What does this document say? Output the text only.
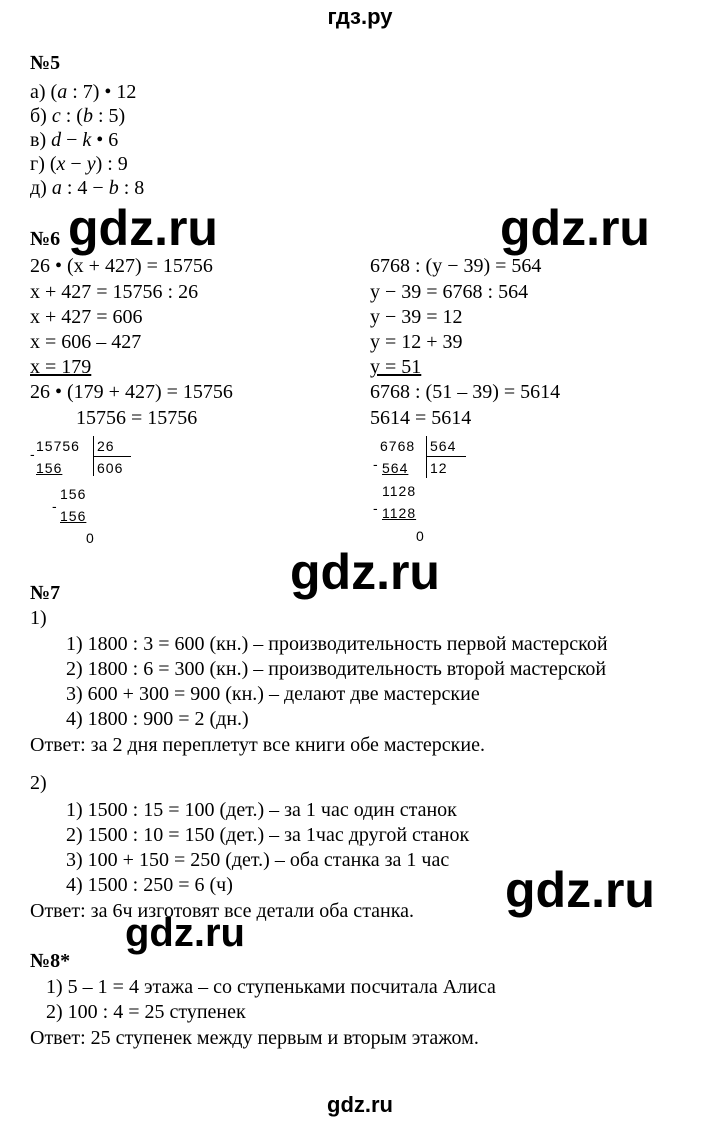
гдз.ру
gdz.ru	gdz.ru
gdz.ru
gdz.ru
gdz.ru
№5
а) (a : 7) • 12
б) c : (b : 5)
в) d − k • 6
г) (x − y) : 9
д) a : 4 − b : 8
№6
26 • (x + 427) = 15756
x + 427 = 15756 : 26
x + 427 = 606
x = 606 – 427
x = 179
26 • (179 + 427) = 15756
15756 = 15756
- 15756 26
156 606
-
156
156
0
6768 : (y − 39) = 564
y − 39 = 6768 : 564
y − 39 = 12
y = 12 + 39
y = 51
6768 : (51 – 39) = 5614
5614 = 5614
-
6768 564
564 12
-
1128
1128
0
№7
1)
1) 1800 : 3 = 600 (кн.) – производительность первой мастерской
2) 1800 : 6 = 300 (кн.) – производительность второй мастерской
3) 600 + 300 = 900 (кн.) – делают две мастерские
4) 1800 : 900 = 2 (дн.)
Ответ: за 2 дня переплетут все книги обе мастерские.
2)
1) 1500 : 15 = 100 (дет.) – за 1 час один станок
2) 1500 : 10 = 150 (дет.) – за 1час другой станок
3) 100 + 150 = 250 (дет.) – оба станка за 1 час
4) 1500 : 250 = 6 (ч)
Ответ: за 6ч изготовят все детали оба станка.
№8*
1) 5 – 1 = 4 этажа – со ступеньками посчитала Алиса
2) 100 : 4 = 25 ступенек
Ответ: 25 ступенек между первым и вторым этажом.
gdz.ru
